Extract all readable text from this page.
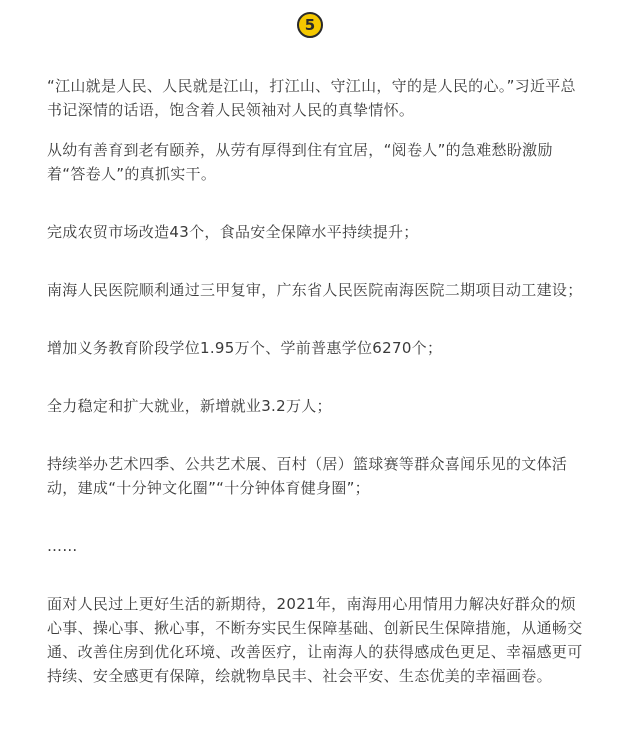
5

“江山就是人民、人民就是江山，打江山、守江山，守的是人民的心。”习近平总书记深情的话语，饱含着人民领袖对人民的真挚情怀。

从幼有善育到老有颐养，从劳有厚得到住有宜居，“阅卷人”的急难愁盼激励着“答卷人”的真抓实干。

完成农贸市场改造43个，食品安全保障水平持续提升；

南海人民医院顺利通过三甲复审，广东省人民医院南海医院二期项目动工建设；

增加义务教育阶段学位1.95万个、学前普惠学位6270个；

全力稳定和扩大就业，新增就业3.2万人；

持续举办艺术四季、公共艺术展、百村（居）篮球赛等群众喜闻乐见的文体活动，建成“十分钟文化圈”“十分钟体育健身圈”；

……

面对人民过上更好生活的新期待，2021年，南海用心用情用力解决好群众的烦心事、操心事、揪心事，不断夯实民生保障基础、创新民生保障措施，从通畅交通、改善住房到优化环境、改善医疗，让南海人的获得感成色更足、幸福感更可持续、安全感更有保障，绘就物阜民丰、社会平安、生态优美的幸福画卷。
